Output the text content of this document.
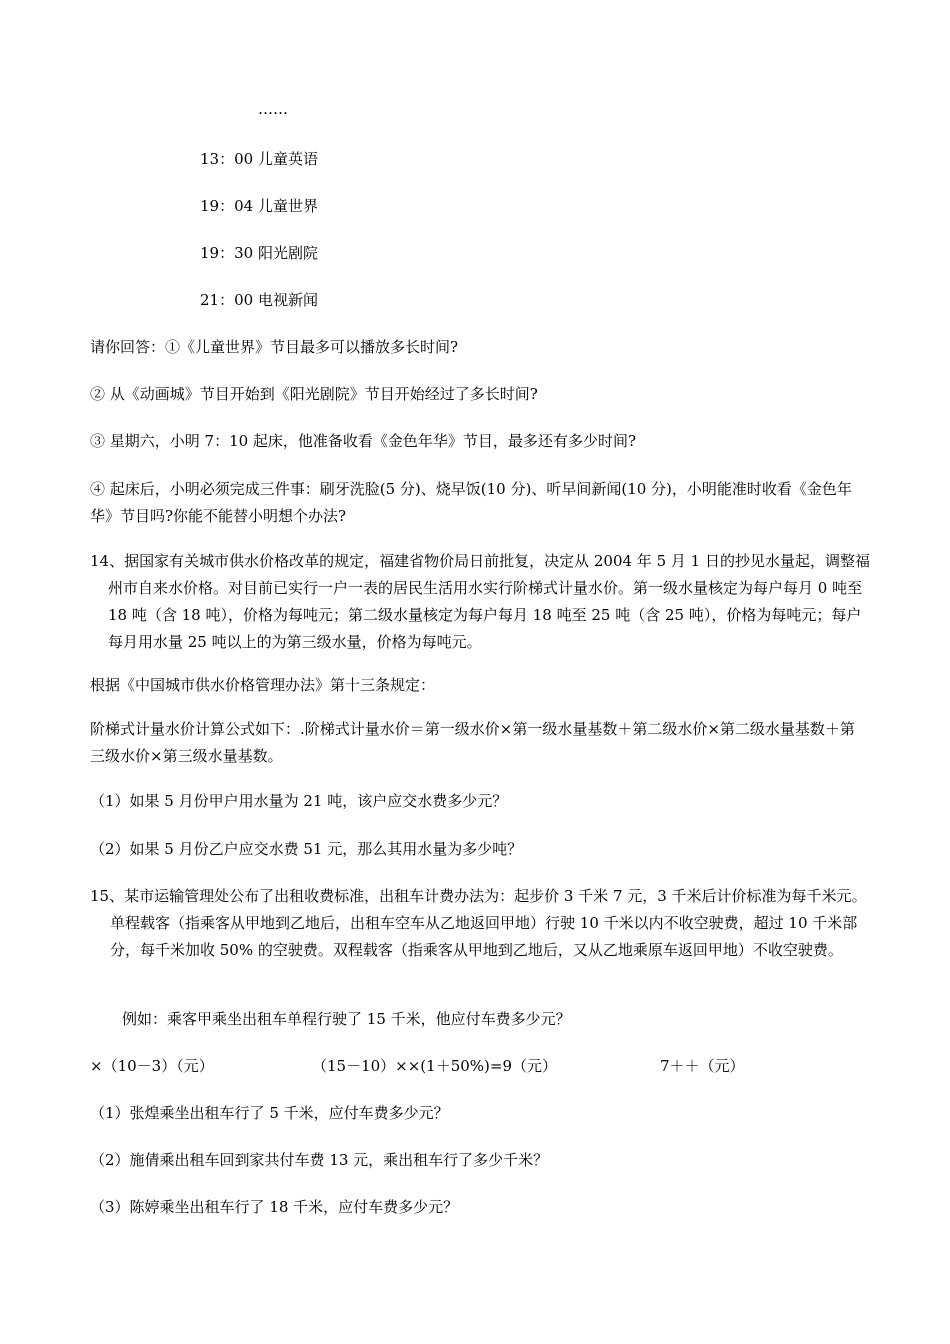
……
13：00 儿童英语
19：04 儿童世界
19：30 阳光剧院
21：00 电视新闻
请你回答：①《儿童世界》节目最多可以播放多长时间?
② 从《动画城》节目开始到《阳光剧院》节目开始经过了多长时间?
③ 星期六，小明 7：10 起床，他准备收看《金色年华》节目，最多还有多少时间?
④ 起床后，小明必须完成三件事：刷牙洗脸(5 分)、烧早饭(10 分)、听早间新闻(10 分)，小明能准时收看《金色年华》节目吗?你能不能替小明想个办法?
14、据国家有关城市供水价格改革的规定，福建省物价局日前批复，决定从 2004 年 5 月 1 日的抄见水量起，调整福州市自来水价格。对目前已实行一户一表的居民生活用水实行阶梯式计量水价。第一级水量核定为每户每月 0 吨至 18 吨（含 18 吨），价格为每吨元；第二级水量核定为每户每月 18 吨至 25 吨（含 25 吨），价格为每吨元；每户每月用水量 25 吨以上的为第三级水量，价格为每吨元。
根据《中国城市供水价格管理办法》第十三条规定：
阶梯式计量水价计算公式如下：.阶梯式计量水价＝第一级水价×第一级水量基数＋第二级水价×第二级水量基数＋第三级水价×第三级水量基数。
（1）如果 5 月份甲户用水量为 21 吨，该户应交水费多少元？
（2）如果 5 月份乙户应交水费 51 元，那么其用水量为多少吨？
15、某市运输管理处公布了出租收费标准，出租车计费办法为：起步价 3 千米 7 元，3 千米后计价标准为每千米元。单程载客（指乘客从甲地到乙地后，出租车空车从乙地返回甲地）行驶 10 千米以内不收空驶费，超过 10 千米部分，每千米加收 50% 的空驶费。双程载客（指乘客从甲地到乙地后，又从乙地乘原车返回甲地）不收空驶费。
例如：乘客甲乘坐出租车单程行驶了 15 千米，他应付车费多少元？
×（10－3）（元）	（15－10）××(1＋50%)=9（元）	7＋＋（元）
（1）张煌乘坐出租车行了 5 千米，应付车费多少元？
（2）施倩乘出租车回到家共付车费 13 元，乘出租车行了多少千米？
（3）陈婷乘坐出租车行了 18 千米，应付车费多少元？
